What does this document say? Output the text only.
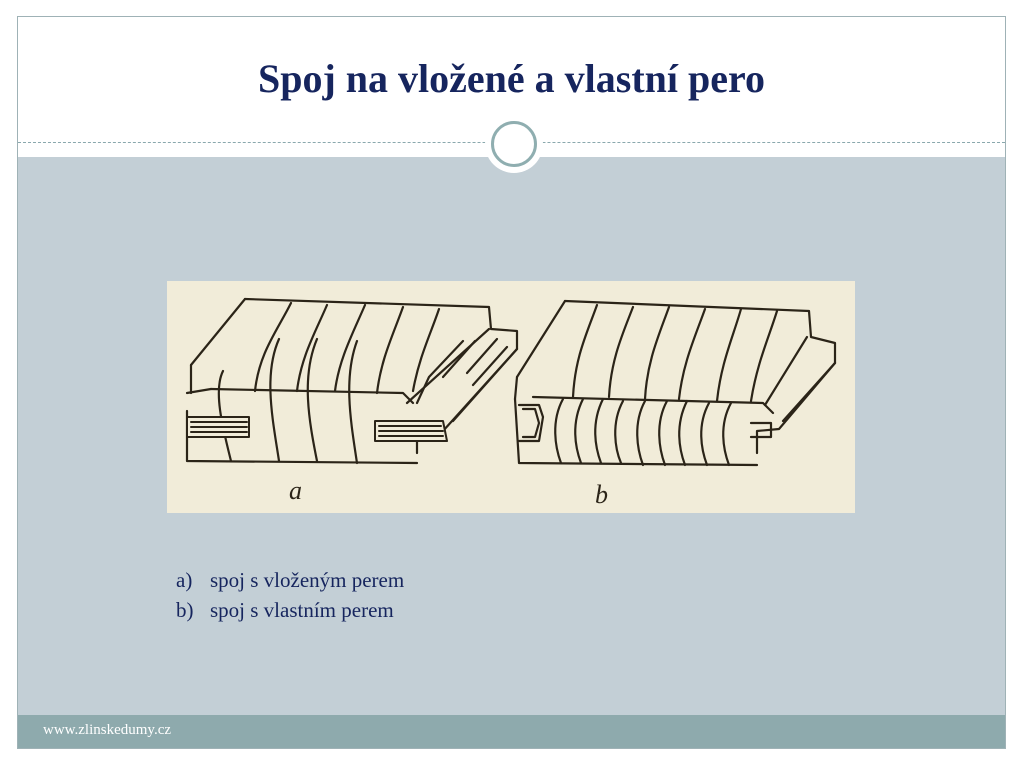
Spoj na vložené a vlastní pero
a	b
a) spoj s vloženým perem
b) spoj s vlastním perem
www.zlinskedumy.cz
